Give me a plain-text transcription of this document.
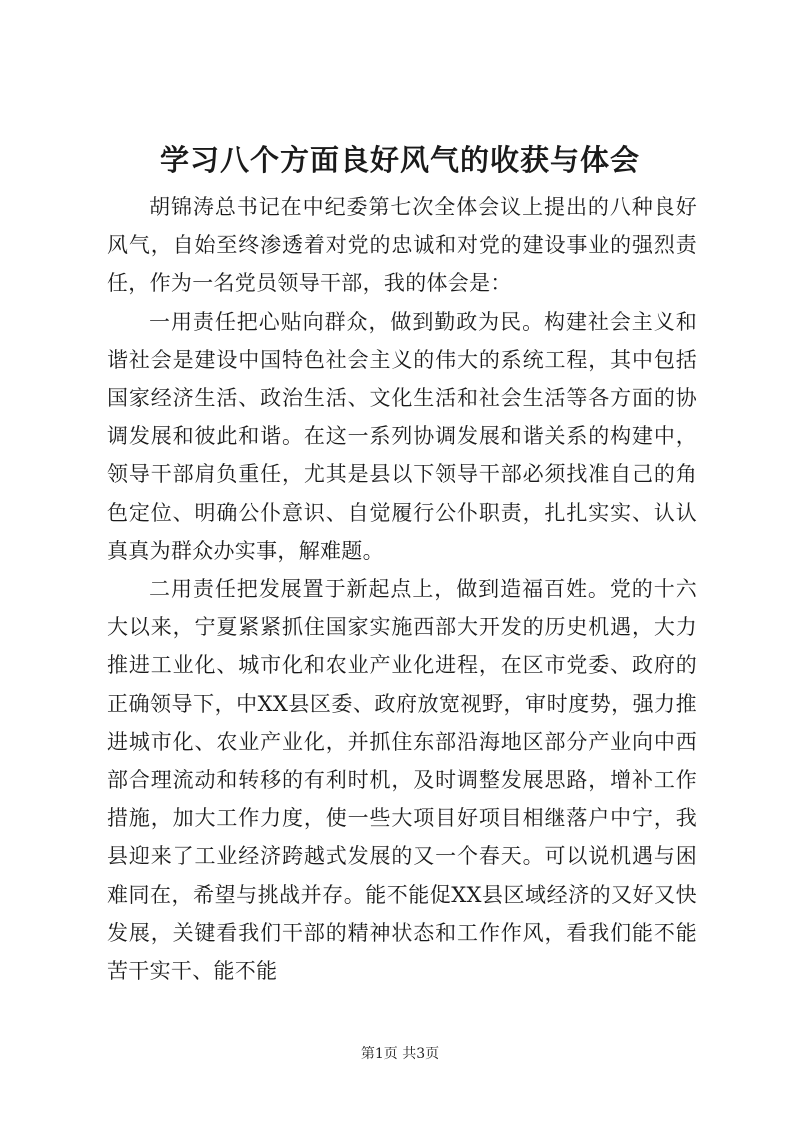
学习八个方面良好风气的收获与体会

胡锦涛总书记在中纪委第七次全体会议上提出的八种良好风气，自始至终渗透着对党的忠诚和对党的建设事业的强烈责任，作为一名党员领导干部，我的体会是：

一用责任把心贴向群众，做到勤政为民。构建社会主义和谐社会是建设中国特色社会主义的伟大的系统工程，其中包括国家经济生活、政治生活、文化生活和社会生活等各方面的协调发展和彼此和谐。在这一系列协调发展和谐关系的构建中，领导干部肩负重任，尤其是县以下领导干部必须找准自己的角色定位、明确公仆意识、自觉履行公仆职责，扎扎实实、认认真真为群众办实事，解难题。

二用责任把发展置于新起点上，做到造福百姓。党的十六大以来，宁夏紧紧抓住国家实施西部大开发的历史机遇，大力推进工业化、城市化和农业产业化进程，在区市党委、政府的正确领导下，中XX县区委、政府放宽视野，审时度势，强力推进城市化、农业产业化，并抓住东部沿海地区部分产业向中西部合理流动和转移的有利时机，及时调整发展思路，增补工作措施，加大工作力度，使一些大项目好项目相继落户中宁，我县迎来了工业经济跨越式发展的又一个春天。可以说机遇与困难同在，希望与挑战并存。能不能促XX县区域经济的又好又快发展，关键看我们干部的精神状态和工作作风，看我们能不能苦干实干、能不能

第1页 共3页
